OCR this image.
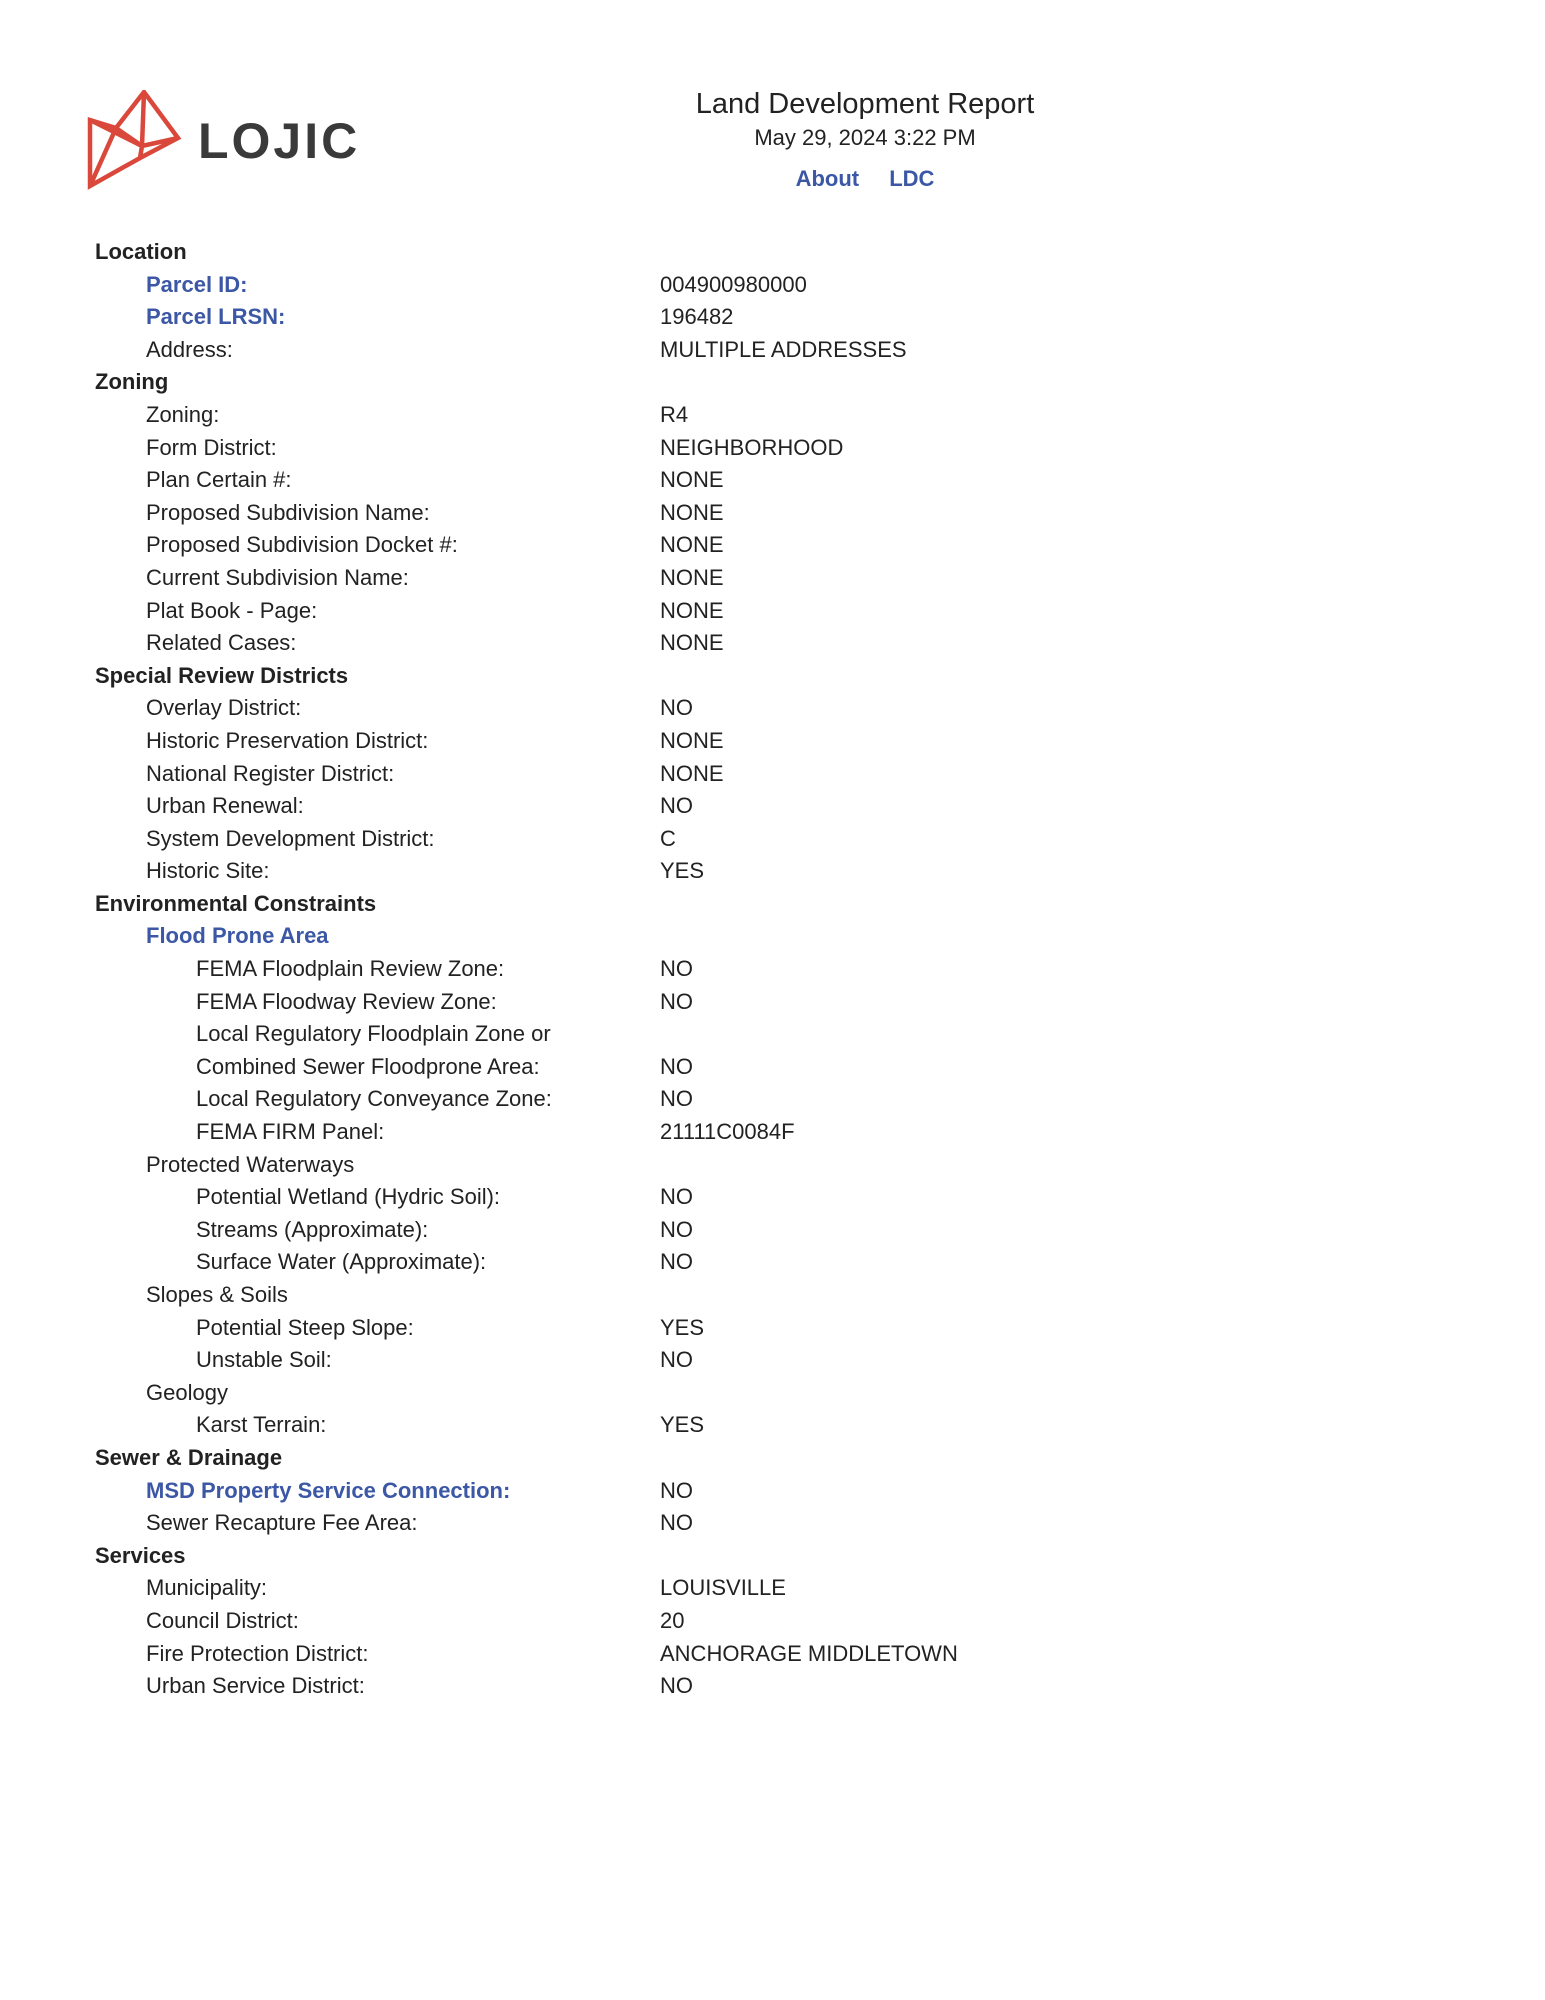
LOJIC
Land Development Report
May 29, 2024 3:22 PM
About LDC
Location
Parcel ID:	004900980000
Parcel LRSN:	196482
Address:	MULTIPLE ADDRESSES
Zoning
Zoning:	R4
Form District:	NEIGHBORHOOD
Plan Certain #:	NONE
Proposed Subdivision Name:	NONE
Proposed Subdivision Docket #:	NONE
Current Subdivision Name:	NONE
Plat Book - Page:	NONE
Related Cases:	NONE
Special Review Districts
Overlay District:	NO
Historic Preservation District:	NONE
National Register District:	NONE
Urban Renewal:	NO
System Development District:	C
Historic Site:	YES
Environmental Constraints
Flood Prone Area
FEMA Floodplain Review Zone:	NO
FEMA Floodway Review Zone:	NO
Local Regulatory Floodplain Zone or
Combined Sewer Floodprone Area:	NO
Local Regulatory Conveyance Zone:	NO
FEMA FIRM Panel:	21111C0084F
Protected Waterways
Potential Wetland (Hydric Soil):	NO
Streams (Approximate):	NO
Surface Water (Approximate):	NO
Slopes & Soils
Potential Steep Slope:	YES
Unstable Soil:	NO
Geology
Karst Terrain:	YES
Sewer & Drainage
MSD Property Service Connection:	NO
Sewer Recapture Fee Area:	NO
Services
Municipality:	LOUISVILLE
Council District:	20
Fire Protection District:	ANCHORAGE MIDDLETOWN
Urban Service District:	NO
